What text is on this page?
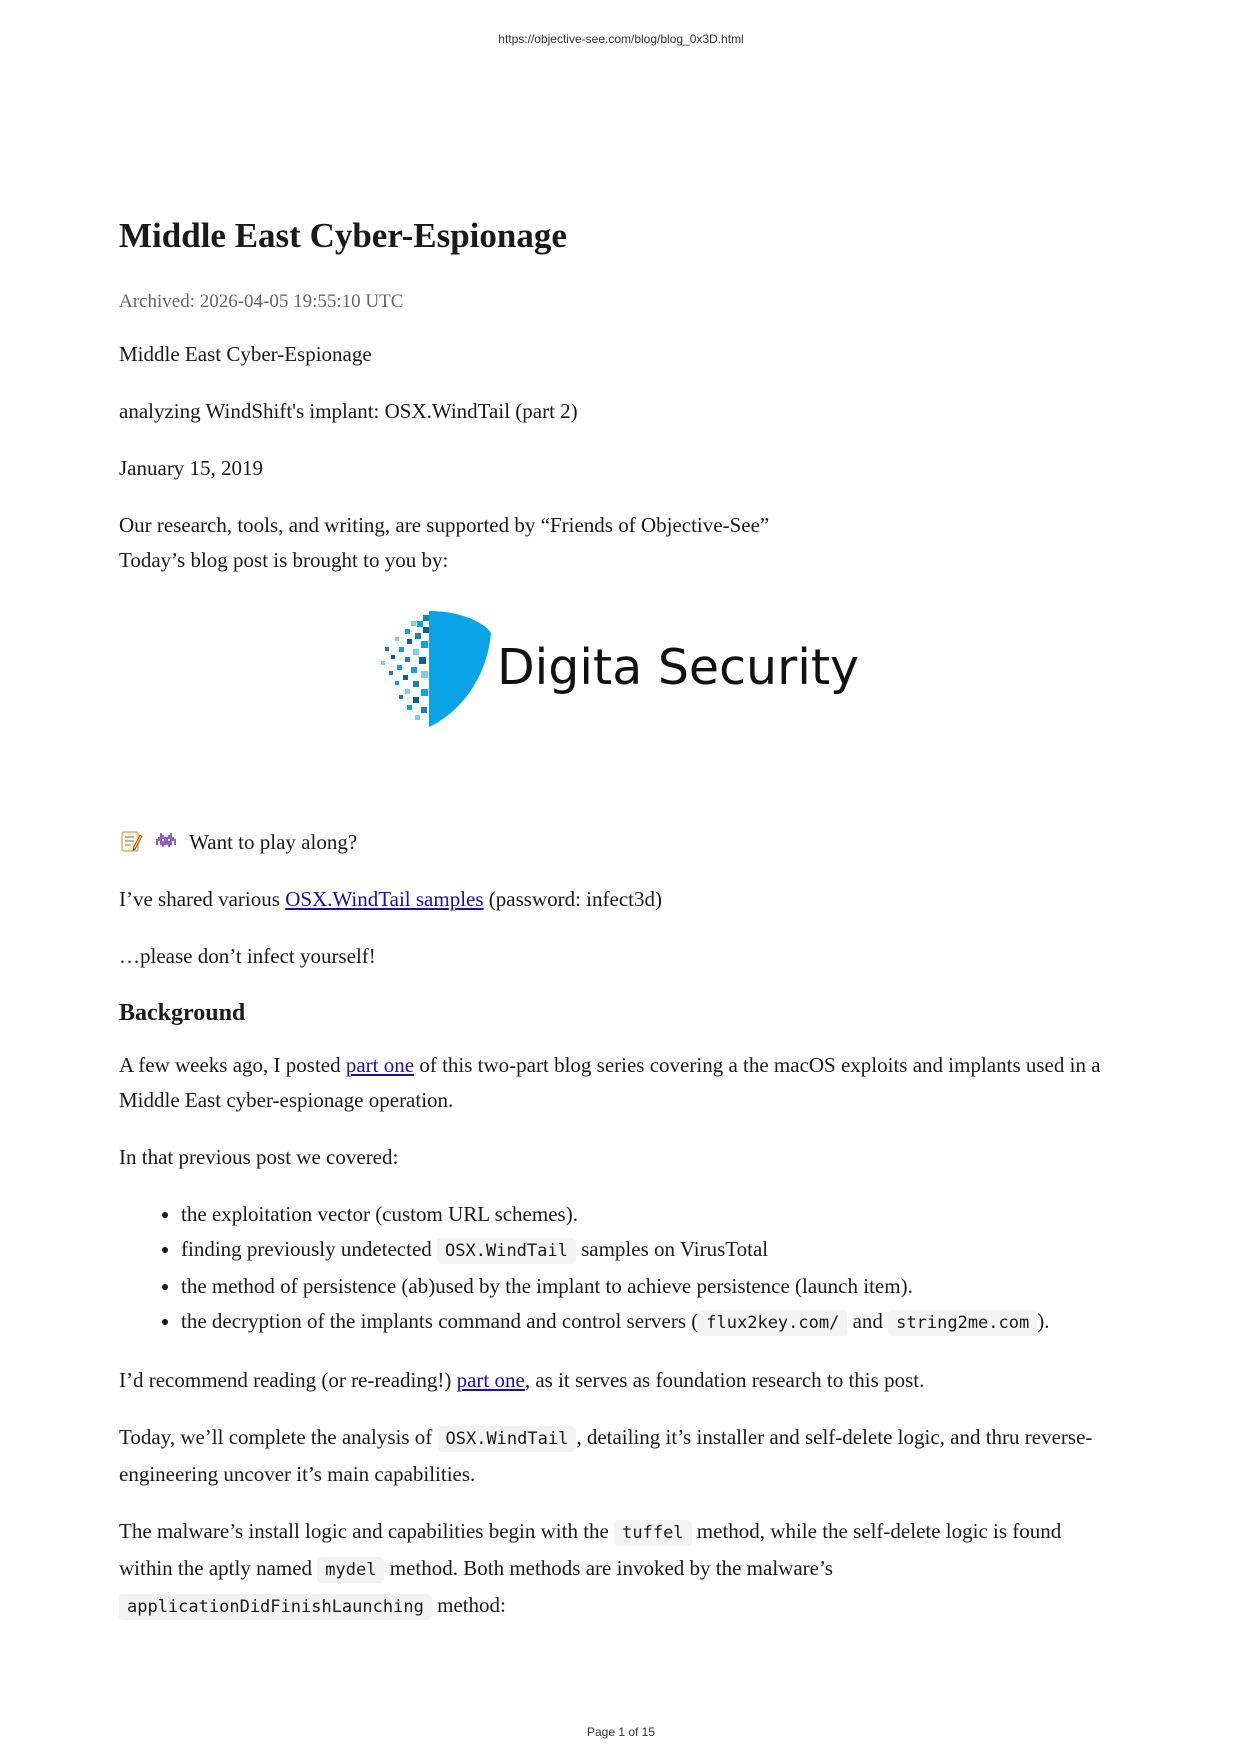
https://objective-see.com/blog/blog_0x3D.html
Middle East Cyber-Espionage

Archived: 2026-04-05 19:55:10 UTC

Middle East Cyber-Espionage

analyzing WindShift's implant: OSX.WindTail (part 2)

January 15, 2019

Our research, tools, and writing, are supported by “Friends of Objective-See”

Today’s blog post is brought to you by:

Digita Security

Want to play along?

I’ve shared various OSX.WindTail samples (password: infect3d)

…please don’t infect yourself!

Background

A few weeks ago, I posted part one of this two-part blog series covering a the macOS exploits and implants used in a Middle East cyber-espionage operation.

In that previous post we covered:

• the exploitation vector (custom URL schemes).
• finding previously undetected OSX.WindTail samples on VirusTotal
• the method of persistence (ab)used by the implant to achieve persistence (launch item).
• the decryption of the implants command and control servers ( flux2key.com/ and string2me.com ).

I’d recommend reading (or re-reading!) part one, as it serves as foundation research to this post.

Today, we’ll complete the analysis of OSX.WindTail , detailing it’s installer and self-delete logic, and thru reverse-engineering uncover it’s main capabilities.

The malware’s install logic and capabilities begin with the tuffel method, while the self-delete logic is found within the aptly named mydel method. Both methods are invoked by the malware’s applicationDidFinishLaunching method:

Page 1 of 15
